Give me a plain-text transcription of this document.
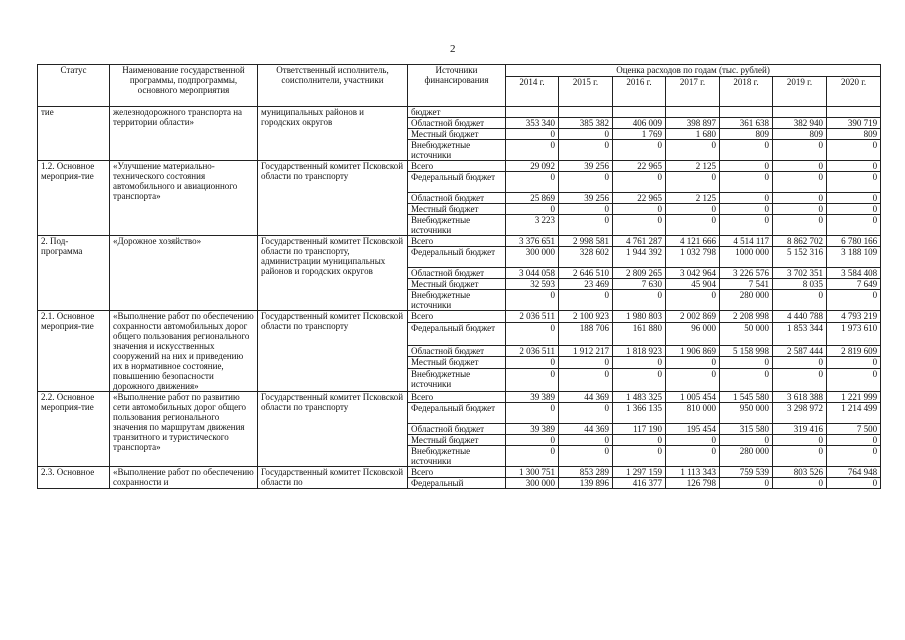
2
Статус	Наименование государственной программы, подпрограммы, основного мероприятия	Ответственный исполнитель, соисполнители, участники	Источники финансирования	Оценка расходов по годам (тыс. рублей)						
				2014 г.	2015 г.	2016 г.	2017 г.	2018 г.	2019 г.	2020 г.
тие	железнодорожного транспорта на территории области»	муниципальных районов и городских округов	бюджет							
			Областной бюджет	353 340	385 382	406 009	398 897	361 638	382 940	390 719
			Местный бюджет	0	0	1 769	1 680	809	809	809
			Внебюджетные источники	0	0	0	0	0	0	0
1.2. Основное мероприя-тие	«Улучшение материально-технического состояния автомобильного и авиационного транспорта»	Государственный комитет Псковской области по транспорту	Всего	29 092	39 256	22 965	2 125	0	0	0
			Федеральный бюджет	0	0	0	0	0	0	0
			Областной бюджет	25 869	39 256	22 965	2 125	0	0	0
			Местный бюджет	0	0	0	0	0	0	0
			Внебюджетные источники	3 223	0	0	0	0	0	0
2. Под-программа	«Дорожное хозяйство»	Государственный комитет Псковской области по транспорту, администрации муниципальных районов и городских округов	Всего	3 376 651	2 998 581	4 761 287	4 121 666	4 514 117	8 862 702	6 780 166
			Федеральный бюджет	300 000	328 602	1 944 392	1 032 798	1000 000	5 152 316	3 188 109
			Областной бюджет	3 044 058	2 646 510	2 809 265	3 042 964	3 226 576	3 702 351	3 584 408
			Местный бюджет	32 593	23 469	7 630	45 904	7 541	8 035	7 649
			Внебюджетные источники	0	0	0	0	280 000	0	0
2.1. Основное мероприя-тие	«Выполнение работ по обеспечению сохранности автомобильных дорог общего пользования регионального значения и искусственных сооружений на них и приведению их в нормативное состояние, повышению безопасности дорожного движения»	Государственный комитет Псковской области по транспорту	Всего	2 036 511	2 100 923	1 980 803	2 002 869	2 208 998	4 440 788	4 793 219
			Федеральный бюджет	0	188 706	161 880	96 000	50 000	1 853 344	1 973 610
			Областной бюджет	2 036 511	1 912 217	1 818 923	1 906 869	5 158 998	2 587 444	2 819 609
			Местный бюджет	0	0	0	0	0	0	0
			Внебюджетные источники	0	0	0	0	0	0	0
2.2. Основное мероприя-тие	«Выполнение работ по развитию сети автомобильных дорог общего пользования регионального значения по маршрутам движения транзитного и туристического транспорта»	Государственный комитет Псковской области по транспорту	Всего	39 389	44 369	1 483 325	1 005 454	1 545 580	3 618 388	1 221 999
			Федеральный бюджет	0	0	1 366 135	810 000	950 000	3 298 972	1 214 499
			Областной бюджет	39 389	44 369	117 190	195 454	315 580	319 416	7 500
			Местный бюджет	0	0	0	0	0	0	0
			Внебюджетные источники	0	0	0	0	280 000	0	0
2.3. Основное	«Выполнение работ по обеспечению сохранности и	Государственный комитет Псковской области по	Всего	1 300 751	853 289	1 297 159	1 113 343	759 539	803 526	764 948
			Федеральный	300 000	139 896	416 377	126 798	0	0	0
